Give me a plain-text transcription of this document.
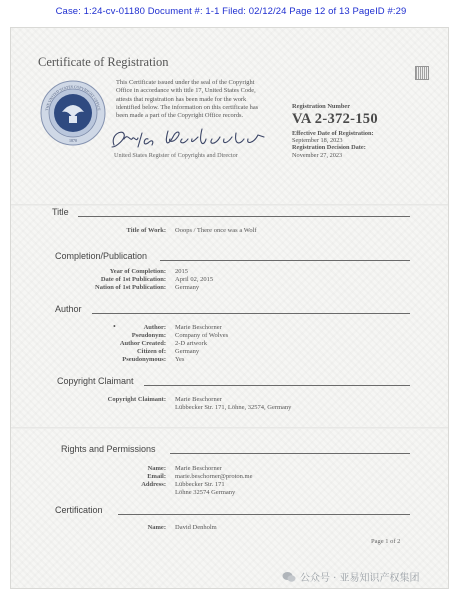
Case: 1:24-cv-01180 Document #: 1-1 Filed: 02/12/24 Page 12 of 13 PageID #:29
Certificate of Registration
1870
THE UNITED STATES COPYRIGHT OFFICE
This Certificate issued under the seal of the Copyright
Office in accordance with title 17, United States Code,
attests that registration has been made for the work
identified below. The information on this certificate has
been made a part of the Copyright Office records.
United States Register of Copyrights and Director
Registration Number
VA 2-372-150
Effective Date of Registration:
September 18, 2023
Registration Decision Date:
November 27, 2023
Title
Title of Work: Ooops / There once was a Wolf
Completion/Publication
Year of Completion: 2015
Date of 1st Publication: April 02, 2015
Nation of 1st Publication: Germany
Author
•	Author: Marie Beschorner
Pseudonym: Company of Wolves
Author Created: 2-D artwork
Citizen of: Germany
Pseudonymous: Yes
Copyright Claimant
Copyright Claimant: Marie Beschorner
Lübbecker Str. 171, Löhne, 32574, Germany
Rights and Permissions
Name: Marie Beschorner
Email: marie.beschorner@proton.me
Address: Lübbecker Str. 171
Löhne 32574 Germany
Certification
Name: David Denholm
Page 1 of 2
公众号 · 亚易知识产权集团
